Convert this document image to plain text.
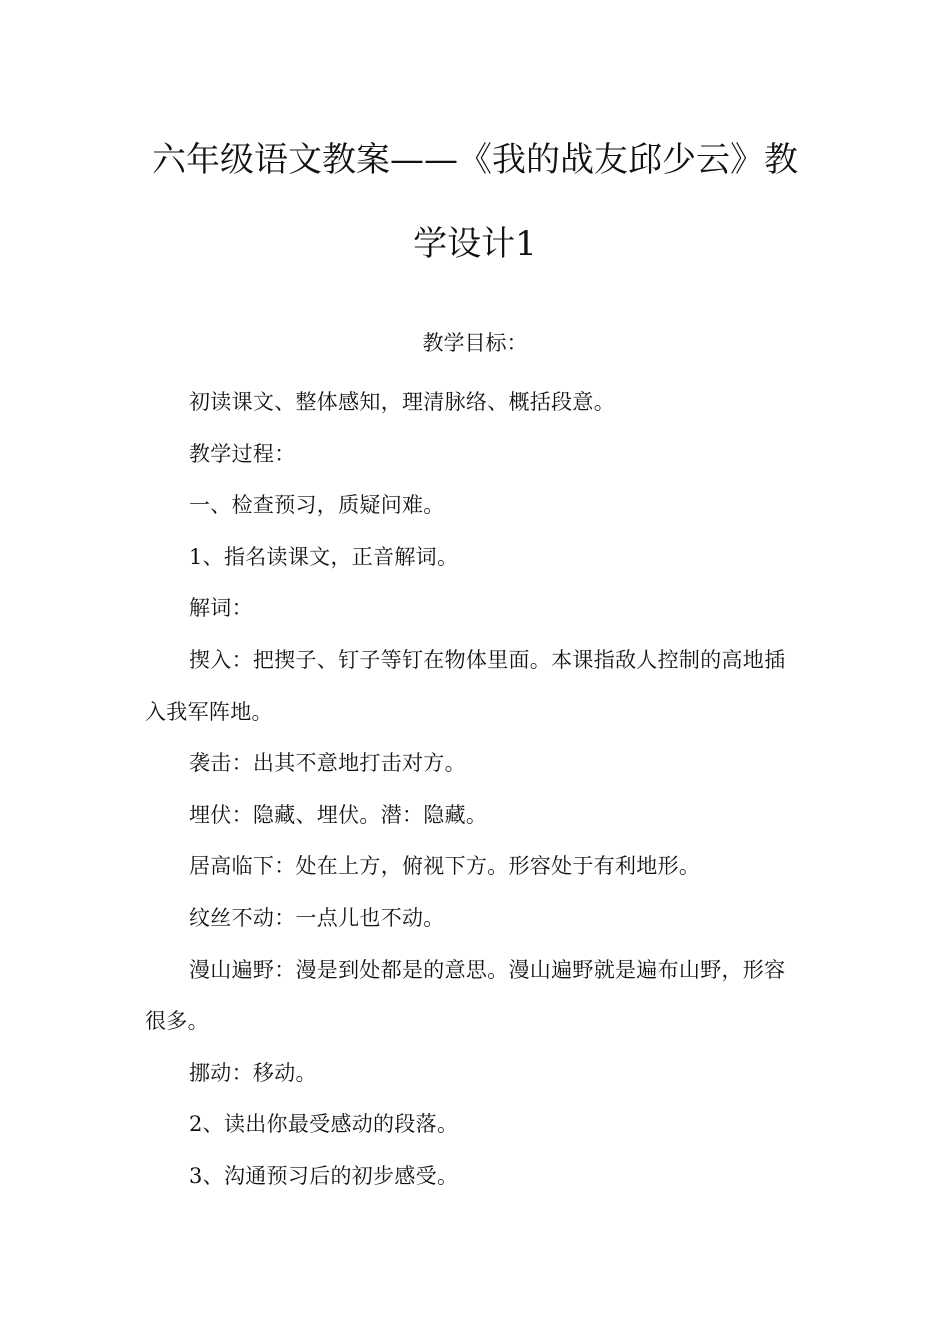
六年级语文教案——《我的战友邱少云》教
学设计1
教学目标：

初读课文、整体感知，理清脉络、概括段意。

教学过程：

一、检查预习，质疑问难。

1、指名读课文，正音解词。

解词：

揳入：把揳子、钉子等钉在物体里面。本课指敌人控制的高地插入我军阵地。

袭击：出其不意地打击对方。

埋伏：隐藏、埋伏。潜：隐藏。

居高临下：处在上方，俯视下方。形容处于有利地形。

纹丝不动：一点儿也不动。

漫山遍野：漫是到处都是的意思。漫山遍野就是遍布山野，形容很多。

挪动：移动。

2、读出你最受感动的段落。

3、沟通预习后的初步感受。
